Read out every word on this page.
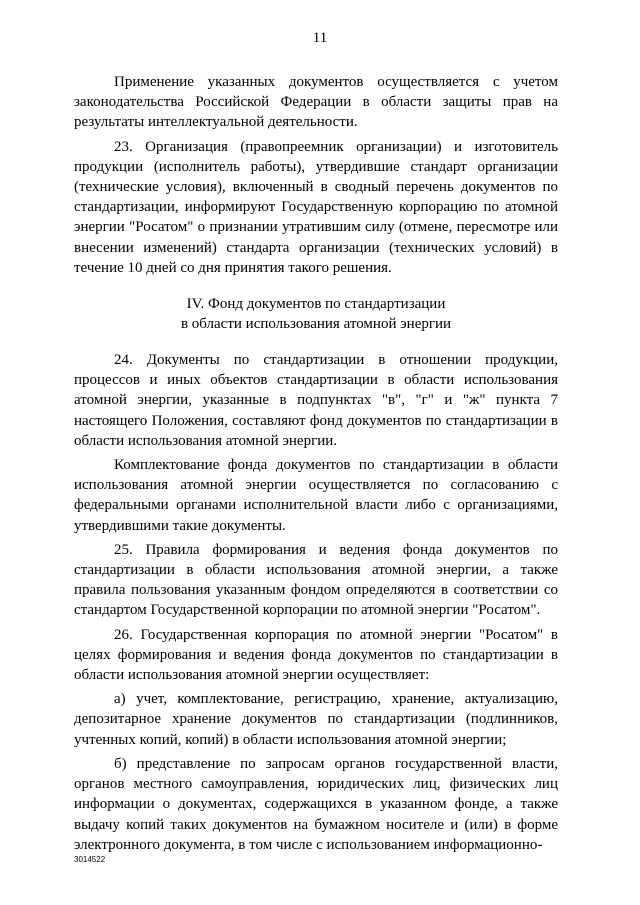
11

Применение указанных документов осуществляется с учетом законодательства Российской Федерации в области защиты прав на результаты интеллектуальной деятельности.

23. Организация (правопреемник организации) и изготовитель продукции (исполнитель работы), утвердившие стандарт организации (технические условия), включенный в сводный перечень документов по стандартизации, информируют Государственную корпорацию по атомной энергии "Росатом" о признании утратившим силу (отмене, пересмотре или внесении изменений) стандарта организации (технических условий) в течение 10 дней со дня принятия такого решения.

IV. Фонд документов по стандартизации
в области использования атомной энергии

24. Документы по стандартизации в отношении продукции, процессов и иных объектов стандартизации в области использования атомной энергии, указанные в подпунктах "в", "г" и "ж" пункта 7 настоящего Положения, составляют фонд документов по стандартизации в области использования атомной энергии.

Комплектование фонда документов по стандартизации в области использования атомной энергии осуществляется по согласованию с федеральными органами исполнительной власти либо с организациями, утвердившими такие документы.

25. Правила формирования и ведения фонда документов по стандартизации в области использования атомной энергии, а также правила пользования указанным фондом определяются в соответствии со стандартом Государственной корпорации по атомной энергии "Росатом".

26. Государственная корпорация по атомной энергии "Росатом" в целях формирования и ведения фонда документов по стандартизации в области использования атомной энергии осуществляет:

а) учет, комплектование, регистрацию, хранение, актуализацию, депозитарное хранение документов по стандартизации (подлинников, учтенных копий, копий) в области использования атомной энергии;

б) представление по запросам органов государственной власти, органов местного самоуправления, юридических лиц, физических лиц информации о документах, содержащихся в указанном фонде, а также выдачу копий таких документов на бумажном носителе и (или) в форме электронного документа, в том числе с использованием информационно-

3014522
